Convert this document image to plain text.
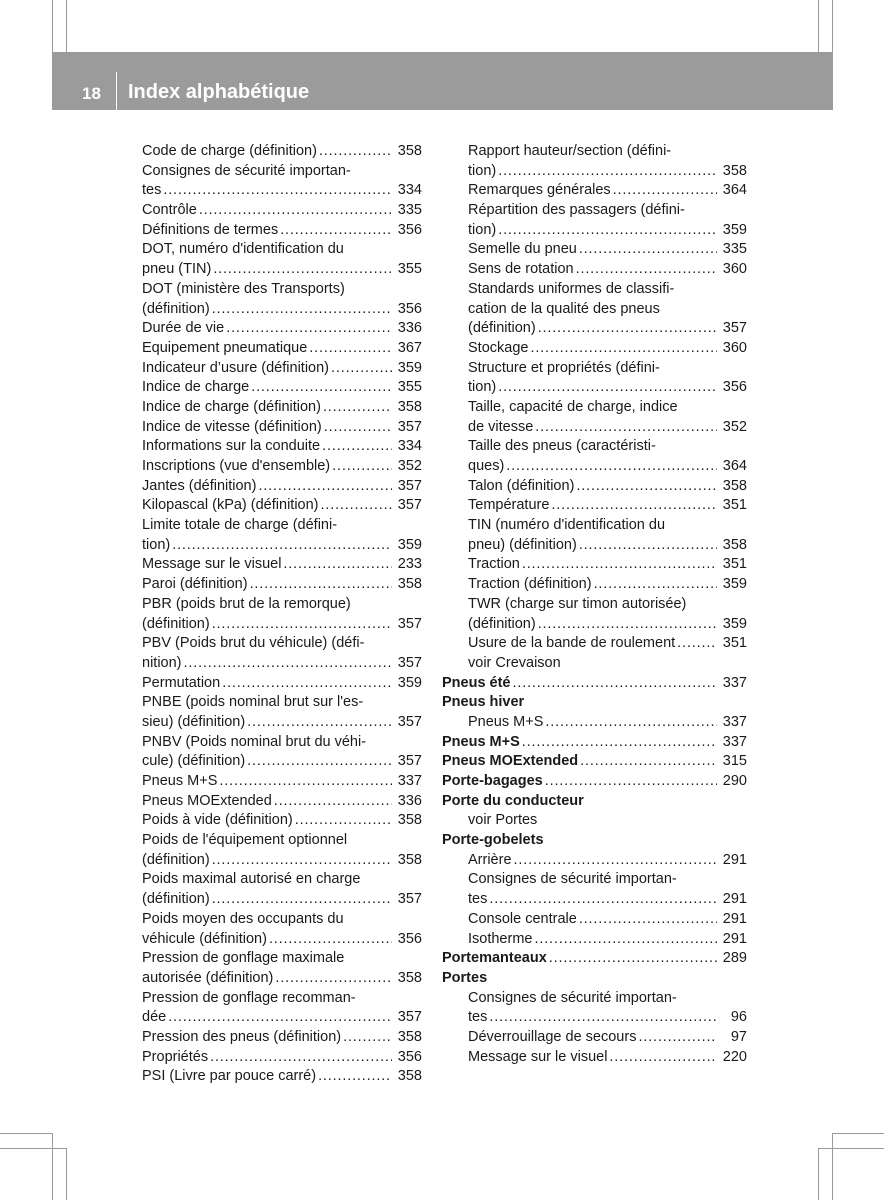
18 Index alphabétique
Code de charge (définition) . . .	358
Consignes de sécurité importan-
tes . . .	334
Contrôle . . .	335
Définitions de termes . . .	356
DOT, numéro d'identification du
pneu (TIN) . . .	355
DOT (ministère des Transports)
(définition) . . .	356
Durée de vie . . .	336
Equipement pneumatique . . .	367
Indicateur d’usure (définition) . . .	359
Indice de charge . . .	355
Indice de charge (définition) . . .	358
Indice de vitesse (définition) . . .	357
Informations sur la conduite . . .	334
Inscriptions (vue d'ensemble) . . .	352
Jantes (définition) . . .	357
Kilopascal (kPa) (définition) . . .	357
Limite totale de charge (défini-
tion) . . .	359
Message sur le visuel . . .	233
Paroi (définition) . . .	358
PBR (poids brut de la remorque)
(définition) . . .	357
PBV (Poids brut du véhicule) (défi-
nition) . . .	357
Permutation . . .	359
PNBE (poids nominal brut sur l'es-
sieu) (définition) . . .	357
PNBV (Poids nominal brut du véhi-
cule) (définition) . . .	357
Pneus M+S . . .	337
Pneus MOExtended . . .	336
Poids à vide (définition) . . .	358
Poids de l'équipement optionnel
(définition) . . .	358
Poids maximal autorisé en charge
(définition) . . .	357
Poids moyen des occupants du
véhicule (définition) . . .	356
Pression de gonflage maximale
autorisée (définition) . . .	358
Pression de gonflage recomman-
dée . . .	357
Pression des pneus (définition) . . .	358
Propriétés . . .	356
PSI (Livre par pouce carré) . . .	358
Rapport hauteur/section (défini-
tion) . . .	358
Remarques générales . . .	364
Répartition des passagers (défini-
tion) . . .	359
Semelle du pneu . . .	335
Sens de rotation . . .	360
Standards uniformes de classifi-
cation de la qualité des pneus
(définition) . . .	357
Stockage . . .	360
Structure et propriétés (défini-
tion) . . .	356
Taille, capacité de charge, indice
de vitesse . . .	352
Taille des pneus (caractéristi-
ques) . . .	364
Talon (définition) . . .	358
Température . . .	351
TIN (numéro d'identification du
pneu) (définition) . . .	358
Traction . . .	351
Traction (définition) . . .	359
TWR (charge sur timon autorisée)
(définition) . . .	359
Usure de la bande de roulement . . .	351
voir Crevaison
Pneus été . . .	337
Pneus hiver
Pneus M+S . . .	337
Pneus M+S . . .	337
Pneus MOExtended . . .	315
Porte-bagages . . .	290
Porte du conducteur
voir Portes
Porte-gobelets
Arrière . . .	291
Consignes de sécurité importan-
tes . . .	291
Console centrale . . .	291
Isotherme . . .	291
Portemanteaux . . .	289
Portes
Consignes de sécurité importan-
tes . . .	96
Déverrouillage de secours . . .	97
Message sur le visuel . . .	220
